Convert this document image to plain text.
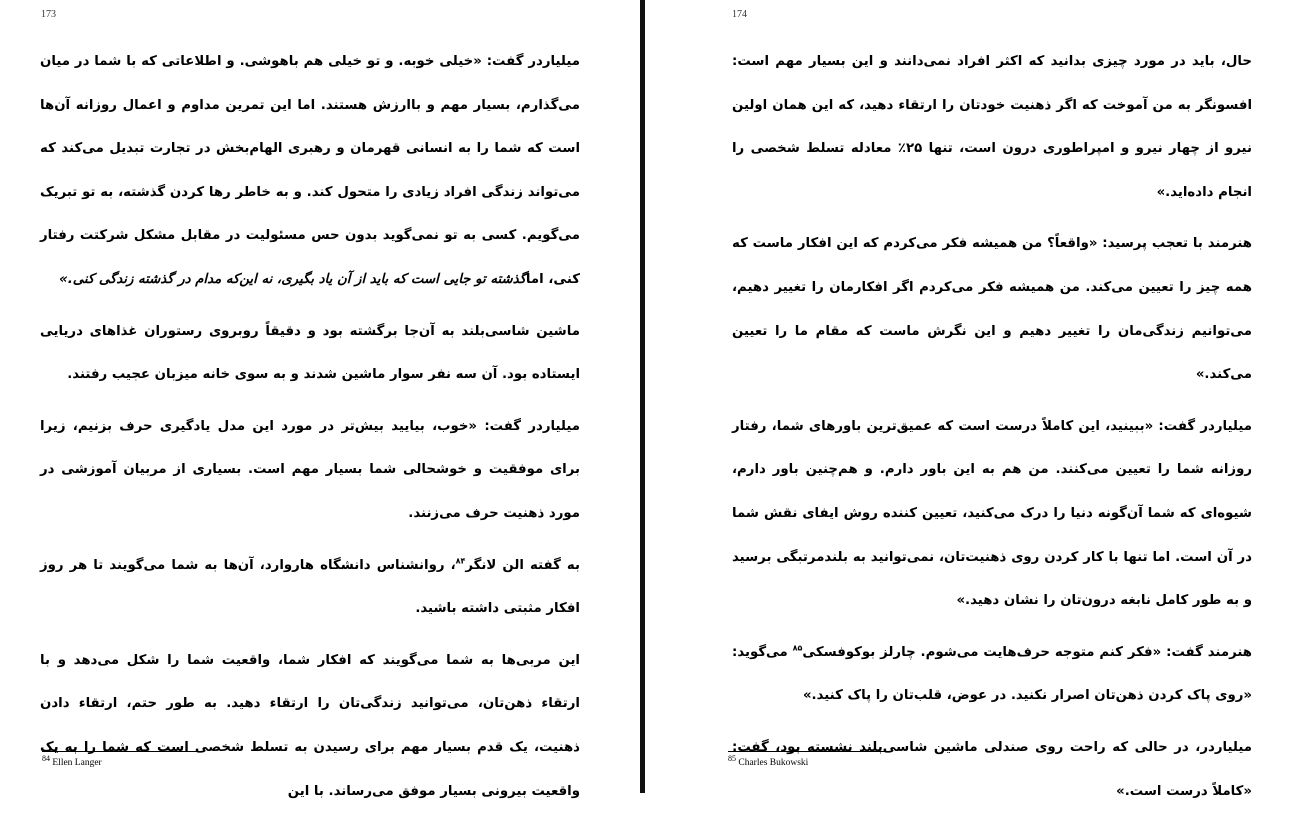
173

میلیاردر گفت: «خیلی خوبه. و تو خیلی هم باهوشی. و اطلاعاتی که با شما در میان می‌گذارم، بسیار مهم و باارزش هستند. اما این تمرین مداوم و اعمال روزانه آن‌ها است که شما را به انسانی قهرمان و رهبری الهام‌بخش در تجارت تبدیل می‌کند که می‌تواند زندگی افراد زیادی را متحول کند. و به خاطر رها کردن گذشته، به تو تبریک می‌گویم. کسی به تو نمی‌گوید بدون حس مسئولیت در مقابل مشکل شرکتت رفتار کنی، اماگذشته تو جایی است که باید از آن یاد بگیری، نه این‌که مدام در گذشته زندگی کنی.»

ماشین شاسی‌بلند به آن‌جا برگشته بود و دقیقاً روبروی رستوران غذاهای دریایی ایستاده بود. آن سه نفر سوار ماشین شدند و به سوی خانه میزبان عجیب رفتند.

میلیاردر گفت: «خوب، بیایید بیش‌تر در مورد این مدل یادگیری حرف بزنیم، زیرا برای موفقیت و خوشحالی شما بسیار مهم است. بسیاری از مربیان آموزشی در مورد ذهنیت حرف می‌زنند.

به گفته الن لانگر$^{۸۴}$، روانشناس دانشگاه هاروارد، آن‌ها به شما می‌گویند تا هر روز افکار مثبتی داشته باشید.

این مربی‌ها به شما می‌گویند که افکار شما، واقعیت شما را شکل می‌دهد و با ارتقاء ذهن‌تان، می‌توانید زندگی‌تان را ارتقاء دهید. به طور حتم، ارتقاء دادن ذهنیت، یک قدم بسیار مهم برای رسیدن به تسلط شخصی است که شما را به یک واقعیت بیرونی بسیار موفق می‌رساند. با این

$^{84}$ Ellen Langer
174

حال، باید در مورد چیزی بدانید که اکثر افراد نمی‌دانند و این بسیار مهم است: افسونگر به من آموخت که اگر ذهنیت خودتان را ارتقاء دهید، که این همان اولین نیرو از چهار نیرو و امپراطوری درون است، تنها ۲۵٪ معادله تسلط شخصی را انجام داده‌اید.»

هنرمند با تعجب پرسید: «واقعاً؟ من همیشه فکر می‌کردم که این افکار ماست که همه چیز را تعیین می‌کند. من همیشه فکر می‌کردم اگر افکارمان را تغییر دهیم، می‌توانیم زندگی‌مان را تغییر دهیم و این نگرش ماست که مقام ما را تعیین می‌کند.»

میلیاردر گفت: «ببینید، این کاملاً درست است که عمیق‌ترین باورهای شما، رفتار روزانه شما را تعیین می‌کنند. من هم به این باور دارم. و هم‌چنین باور دارم، شیوه‌ای که شما آن‌گونه دنیا را درک می‌کنید، تعیین کننده روش ایفای نقش شما در آن است. اما تنها با کار کردن روی ذهنیت‌تان، نمی‌توانید به بلندمرتبگی برسید و به طور کامل نابغه درون‌تان را نشان دهید.»

هنرمند گفت: «فکر کنم متوجه حرف‌هایت می‌شوم. چارلز بوکوفسکی$^{۸۵}$ می‌گوید: «روی پاک کردن ذهن‌تان اصرار نکنید. در عوض، قلب‌تان را پاک کنید.»

میلیاردر، در حالی که راحت روی صندلی ماشین شاسی‌بلند نشسته بود، گفت: «کاملاً درست است.»

$^{85}$ Charles Bukowski
